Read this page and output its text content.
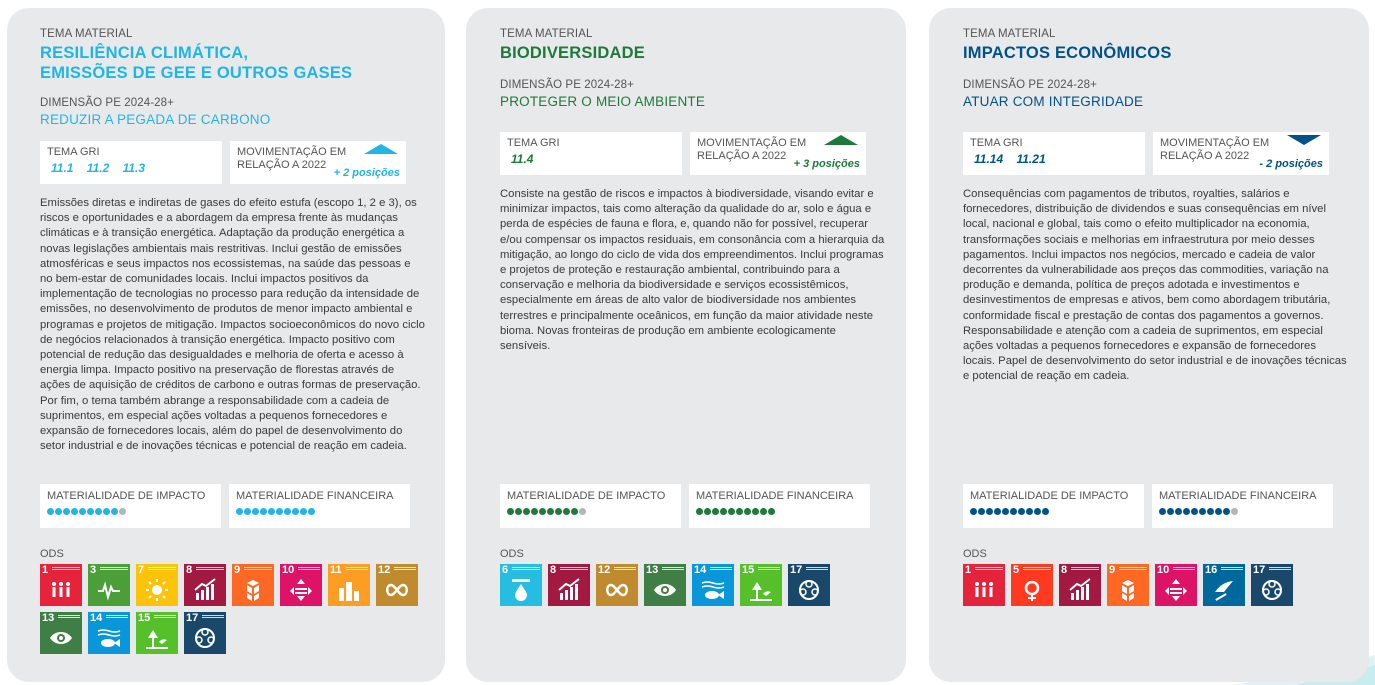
TEMA MATERIAL
RESILIÊNCIA CLIMÁTICA,
EMISSÕES DE GEE E OUTROS GASES
DIMENSÃO PE 2024-28+
REDUZIR A PEGADA DE CARBONO
TEMA GRI
11.1 11.2 11.3
MOVIMENTAÇÃO EM
RELAÇÃO A 2022
+ 2 posições
Emissões diretas e indiretas de gases do efeito estufa (escopo 1, 2 e 3), os riscos e oportunidades e a abordagem da empresa frente às mudanças climáticas e à transição energética. Adaptação da produção energética a novas legislações ambientais mais restritivas. Inclui gestão de emissões atmosféricas e seus impactos nos ecossistemas, na saúde das pessoas e no bem-estar de comunidades locais. Inclui impactos positivos da implementação de tecnologias no processo para redução da intensidade de emissões, no desenvolvimento de produtos de menor impacto ambiental e programas e projetos de mitigação. Impactos socioeconômicos do novo ciclo de negócios relacionados à transição energética. Impacto positivo com potencial de redução das desigualdades e melhoria de oferta e acesso à energia limpa. Impacto positivo na preservação de florestas através de ações de aquisição de créditos de carbono e outras formas de preservação. Por fim, o tema também abrange a responsabilidade com a cadeia de suprimentos, em especial ações voltadas a pequenos fornecedores e expansão de fornecedores locais, além do papel de desenvolvimento do setor industrial e de inovações técnicas e potencial de reação em cadeia.
MATERIALIDADE DE IMPACTO	MATERIALIDADE FINANCEIRA
ODS
1	3	7	8	9	10	11	12
13	14	15	17
TEMA MATERIAL
BIODIVERSIDADE
DIMENSÃO PE 2024-28+
PROTEGER O MEIO AMBIENTE
TEMA GRI
11.4
MOVIMENTAÇÃO EM
RELAÇÃO A 2022
+ 3 posições
Consiste na gestão de riscos e impactos à biodiversidade, visando evitar e minimizar impactos, tais como alteração da qualidade do ar, solo e água e perda de espécies de fauna e flora, e, quando não for possível, recuperar e/ou compensar os impactos residuais, em consonância com a hierarquia da mitigação, ao longo do ciclo de vida dos empreendimentos. Inclui programas e projetos de proteção e restauração ambiental, contribuindo para a conservação e melhoria da biodiversidade e serviços ecossistêmicos, especialmente em áreas de alto valor de biodiversidade nos ambientes terrestres e principalmente oceânicos, em função da maior atividade neste bioma. Novas fronteiras de produção em ambiente ecologicamente sensíveis.
MATERIALIDADE DE IMPACTO	MATERIALIDADE FINANCEIRA
ODS
6	8	12	13	14	15	17
TEMA MATERIAL
IMPACTOS ECONÔMICOS
DIMENSÃO PE 2024-28+
ATUAR COM INTEGRIDADE
TEMA GRI
11.14 11.21
MOVIMENTAÇÃO EM
RELAÇÃO A 2022
- 2 posições
Consequências com pagamentos de tributos, royalties, salários e fornecedores, distribuição de dividendos e suas consequências em nível local, nacional e global, tais como o efeito multiplicador na economia, transformações sociais e melhorias em infraestrutura por meio desses pagamentos. Inclui impactos nos negócios, mercado e cadeia de valor decorrentes da vulnerabilidade aos preços das commodities, variação na produção e demanda, política de preços adotada e investimentos e desinvestimentos de empresas e ativos, bem como abordagem tributária, conformidade fiscal e prestação de contas dos pagamentos a governos. Responsabilidade e atenção com a cadeia de suprimentos, em especial ações voltadas a pequenos fornecedores e expansão de fornecedores locais. Papel de desenvolvimento do setor industrial e de inovações técnicas e potencial de reação em cadeia.
MATERIALIDADE DE IMPACTO	MATERIALIDADE FINANCEIRA
ODS
1	5	8	9	10	16	17
